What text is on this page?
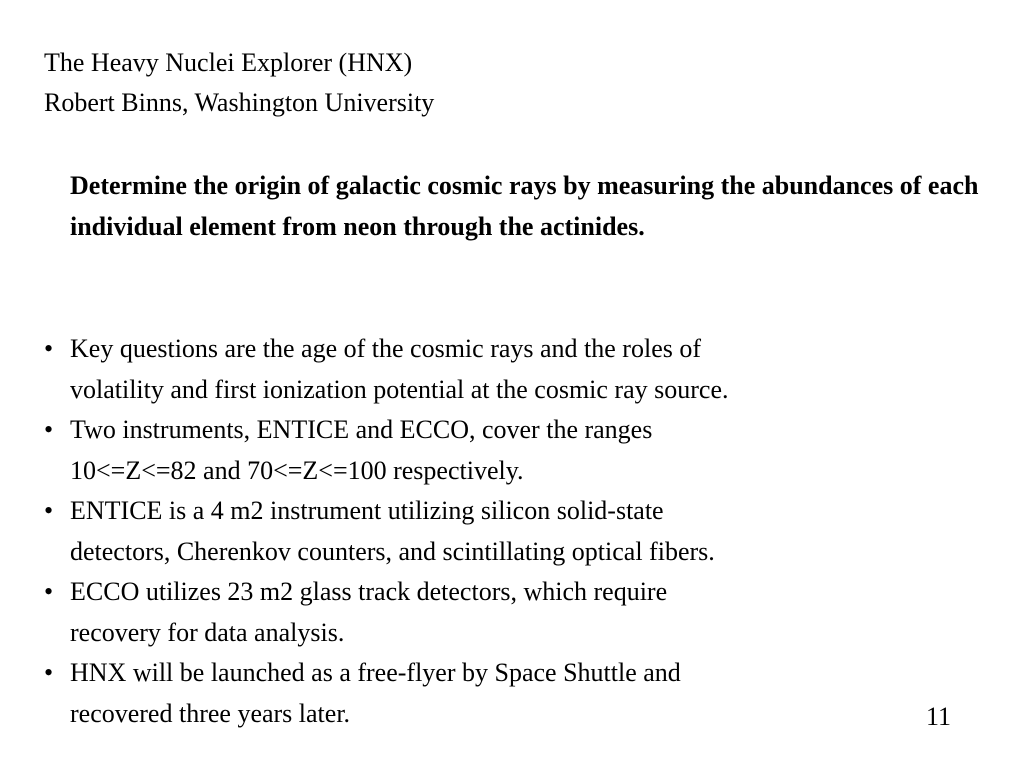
The Heavy Nuclei Explorer (HNX)
Robert Binns, Washington University
Determine the origin of galactic cosmic rays by measuring the abundances of each individual element from neon through the actinides.
• Key questions are the age of the cosmic rays and the roles of
volatility and first ionization potential at the cosmic ray source.
• Two instruments, ENTICE and ECCO, cover the ranges
10<=Z<=82 and 70<=Z<=100 respectively.
• ENTICE is a 4 m2 instrument utilizing silicon solid-state
detectors, Cherenkov counters, and scintillating optical fibers.
• ECCO utilizes 23 m2 glass track detectors, which require
recovery for data analysis.
• HNX will be launched as a free-flyer by Space Shuttle and
recovered three years later.	11
